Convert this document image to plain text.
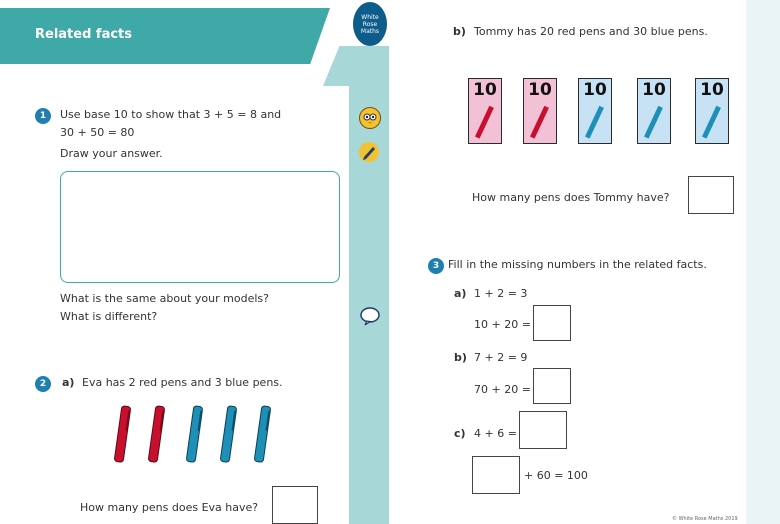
Related facts
White
Rose
Maths
1	Use base 10 to show that 3 + 5 = 8 and
30 + 50 = 80
Draw your answer.
What is the same about your models?
What is different?
2	a) Eva has 2 red pens and 3 blue pens.
How many pens does Eva have?
b) Tommy has 20 red pens and 30 blue pens.
10 10 10 10 10
How many pens does Tommy have?
3 Fill in the missing numbers in the related facts.
a) 1 + 2 = 3
10 + 20 =
b) 7 + 2 = 9
70 + 20 =
c) 4 + 6 =
+ 60 = 100
© White Rose Maths 2019
